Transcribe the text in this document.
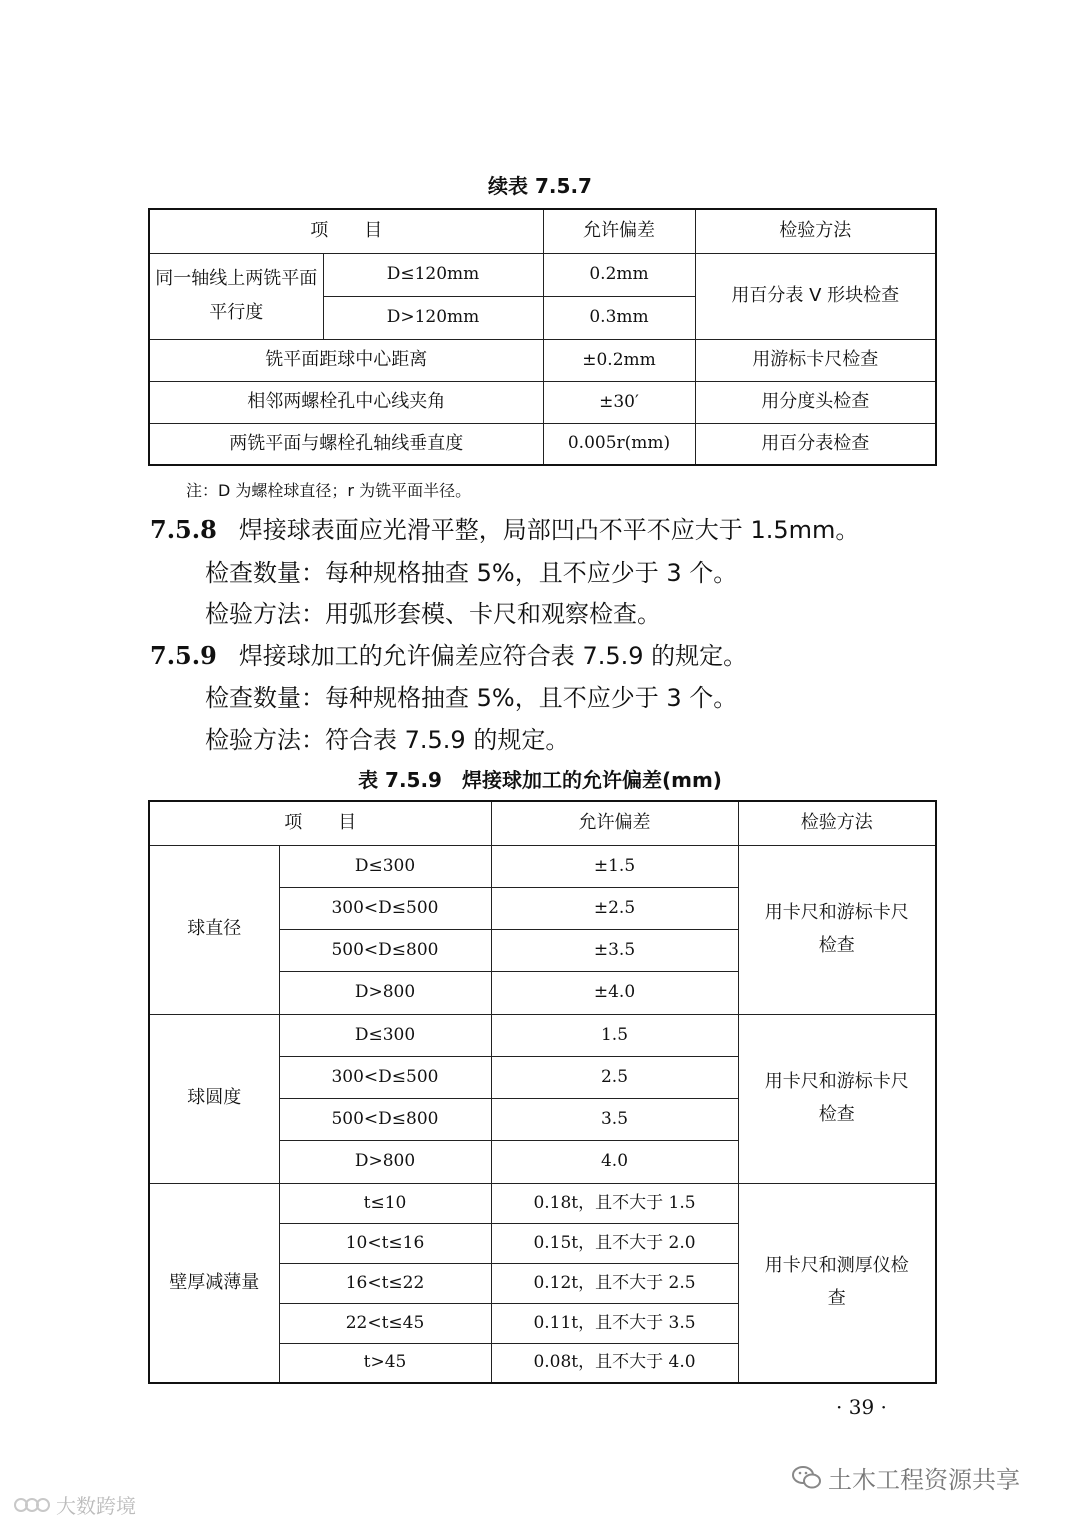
续表 7.5.7
项　　目		允许偏差	检验方法
同一轴线上两铣平面平行度	D≤120mm	0.2mm	用百分表 V 形块检查
	D>120mm	0.3mm	
铣平面距球中心距离		±0.2mm	用游标卡尺检查
相邻两螺栓孔中心线夹角		±30′	用分度头检查
两铣平面与螺栓孔轴线垂直度		0.005r(mm)	用百分表检查
注：D 为螺栓球直径；r 为铣平面半径。
7.5.8 焊接球表面应光滑平整，局部凹凸不平不应大于 1.5mm。
检查数量：每种规格抽查 5%，且不应少于 3 个。
检验方法：用弧形套模、卡尺和观察检查。
7.5.9 焊接球加工的允许偏差应符合表 7.5.9 的规定。
检查数量：每种规格抽查 5%，且不应少于 3 个。
检验方法：符合表 7.5.9 的规定。
表 7.5.9　焊接球加工的允许偏差(mm)
项　　目		允许偏差	检验方法
球直径	D≤300	±1.5	用卡尺和游标卡尺检查
	300<D≤500	±2.5	
	500<D≤800	±3.5	
	D>800	±4.0	
球圆度	D≤300	1.5	用卡尺和游标卡尺检查
	300<D≤500	2.5	
	500<D≤800	3.5	
	D>800	4.0	
壁厚减薄量	t≤10	0.18t，且不大于 1.5	用卡尺和测厚仪检查
	10<t≤16	0.15t，且不大于 2.0	
	16<t≤22	0.12t，且不大于 2.5	
	22<t≤45	0.11t，且不大于 3.5	
	t>45	0.08t，且不大于 4.0	
· 39 ·
土木工程资源共享
大数跨境
